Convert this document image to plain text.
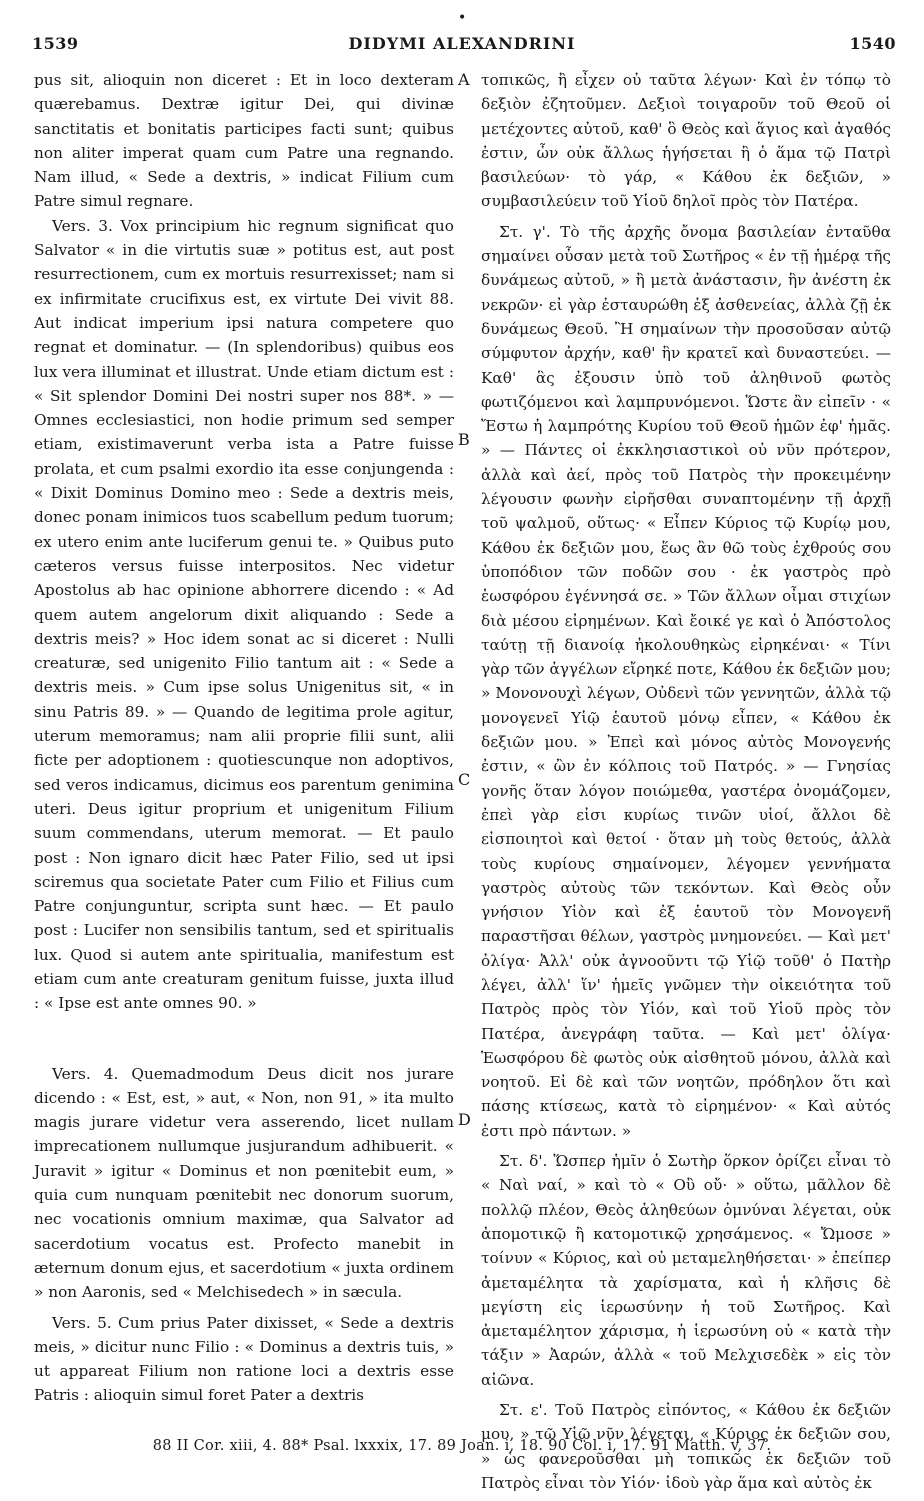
•
1539	DIDYMI ALEXANDRINI	1540

pus sit, alioquin non diceret : Et in loco dexteram quærebamus. Dextræ igitur Dei, qui divinæ sanctitatis et bonitatis participes facti sunt; quibus non aliter imperat quam cum Patre una regnando. Nam illud, « Sede a dextris, » indicat Filium cum Patre simul regnare.

Vers. 3. Vox principium hic regnum significat quo Salvator « in die virtutis suæ » potitus est, aut post resurrectionem, cum ex mortuis resurrexisset; nam si ex infirmitate crucifixus est, ex virtute Dei vivit 88. Aut indicat imperium ipsi natura competere quo regnat et dominatur. — (In splendoribus) quibus eos lux vera illuminat et illustrat. Unde etiam dictum est : « Sit splendor Domini Dei nostri super nos 88*. » — Omnes ecclesiastici, non hodie primum sed semper etiam, existimaverunt verba ista a Patre fuisse prolata, et cum psalmi exordio ita esse conjungenda : « Dixit Dominus Domino meo : Sede a dextris meis, donec ponam inimicos tuos scabellum pedum tuorum; ex utero enim ante luciferum genui te. » Quibus puto cæteros versus fuisse interpositos. Nec videtur Apostolus ab hac opinione abhorrere dicendo : « Ad quem autem angelorum dixit aliquando : Sede a dextris meis? » Hoc idem sonat ac si diceret : Nulli creaturæ, sed unigenito Filio tantum ait : « Sede a dextris meis. » Cum ipse solus Unigenitus sit, « in sinu Patris 89. » — Quando de legitima prole agitur, uterum memoramus; nam alii proprie filii sunt, alii ficte per adoptionem : quotiescunque non adoptivos, sed veros indicamus, dicimus eos parentum genimina uteri. Deus igitur proprium et unigenitum Filium suum commendans, uterum memorat. — Et paulo post : Non ignaro dicit hæc Pater Filio, sed ut ipsi sciremus qua societate Pater cum Filio et Filius cum Patre conjunguntur, scripta sunt hæc. — Et paulo post : Lucifer non sensibilis tantum, sed et spiritualis lux. Quod si autem ante spiritualia, manifestum est etiam cum ante creaturam genitum fuisse, juxta illud : « Ipse est ante omnes 90. »

Vers. 4. Quemadmodum Deus dicit nos jurare dicendo : « Est, est, » aut, « Non, non 91, » ita multo magis jurare videtur vera asserendo, licet nullam imprecationem nullumque jusjurandum adhibuerit. « Juravit » igitur « Dominus et non pœnitebit eum, » quia cum nunquam pœnitebit nec donorum suorum, nec vocationis omnium maximæ, qua Salvator ad sacerdotium vocatus est. Profecto manebit in æternum donum ejus, et sacerdotium « juxta ordinem » non Aaronis, sed « Melchisedech » in sæcula.

Vers. 5. Cum prius Pater dixisset, « Sede a dextris meis, » dicitur nunc Filio : « Dominus a dextris tuis, » ut appareat Filium non ratione loci a dextris esse Patris : alioquin simul foret Pater a dextris

A
B
C
D

τοπικῶς, ἢ εἶχεν οὐ ταῦτα λέγων· Καὶ ἐν τόπῳ τὸ δεξιὸν ἐζητοῦμεν. Δεξιοὶ τοιγαροῦν τοῦ Θεοῦ οἱ μετέχοντες αὐτοῦ, καθ' ὃ Θεὸς καὶ ἅγιος καὶ ἀγαθός ἐστιν, ὧν οὐκ ἄλλως ἡγήσεται ἢ ὁ ἅμα τῷ Πατρὶ βασιλεύων· τὸ γάρ, « Κάθου ἐκ δεξιῶν, » συμβασιλεύειν τοῦ Υἱοῦ δηλοῖ πρὸς τὸν Πατέρα.

Στ. γ'. Τὸ τῆς ἀρχῆς ὄνομα βασιλείαν ἐνταῦθα σημαίνει οὖσαν μετὰ τοῦ Σωτῆρος « ἐν τῇ ἡμέρᾳ τῆς δυνάμεως αὐτοῦ, » ἢ μετὰ ἀνάστασιν, ἣν ἀνέστη ἐκ νεκρῶν· εἰ γὰρ ἐσταυρώθη ἐξ ἀσθενείας, ἀλλὰ ζῇ ἐκ δυνάμεως Θεοῦ. Ἢ σημαίνων τὴν προσοῦσαν αὐτῷ σύμφυτον ἀρχήν, καθ' ἣν κρατεῖ καὶ δυναστεύει. — Καθ' ἃς ἐξουσιν ὑπὸ τοῦ ἀληθινοῦ φωτὸς φωτιζόμενοι καὶ λαμπρυνόμενοι. Ὥστε ἂν εἰπεῖν · « Ἔστω ἡ λαμπρότης Κυρίου τοῦ Θεοῦ ἡμῶν ἐφ' ἡμᾶς. » — Πάντες οἱ ἐκκλησιαστικοὶ οὐ νῦν πρότερον, ἀλλὰ καὶ ἀεί, πρὸς τοῦ Πατρὸς τὴν προκειμένην λέγουσιν φωνὴν εἰρῆσθαι συναπτομένην τῇ ἀρχῇ τοῦ ψαλμοῦ, οὕτως· « Εἶπεν Κύριος τῷ Κυρίῳ μου, Κάθου ἐκ δεξιῶν μου, ἕως ἂν θῶ τοὺς ἐχθρούς σου ὑποπόδιον τῶν ποδῶν σου · ἐκ γαστρὸς πρὸ ἑωσφόρου ἐγέννησά σε. » Τῶν ἄλλων οἶμαι στιχίων διὰ μέσου εἰρημένων. Καὶ ἔοικέ γε καὶ ὁ Ἀπόστολος ταύτῃ τῇ διανοίᾳ ἠκολουθηκὼς εἰρηκέναι· « Τίνι γὰρ τῶν ἀγγέλων εἴρηκέ ποτε, Κάθου ἐκ δεξιῶν μου; » Μονονουχὶ λέγων, Οὐδενὶ τῶν γεννητῶν, ἀλλὰ τῷ μονογενεῖ Υἱῷ ἑαυτοῦ μόνῳ εἶπεν, « Κάθου ἐκ δεξιῶν μου. » Ἐπεὶ καὶ μόνος αὐτὸς Μονογενής ἐστιν, « ὢν ἐν κόλποις τοῦ Πατρός. » — Γνησίας γονῆς ὅταν λόγον ποιώμεθα, γαστέρα ὀνομάζομεν, ἐπεὶ γὰρ εἰσι κυρίως τινῶν υἱοί, ἄλλοι δὲ εἰσποιητοὶ καὶ θετοί · ὅταν μὴ τοὺς θετούς, ἀλλὰ τοὺς κυρίους σημαίνομεν, λέγομεν γεννήματα γαστρὸς αὐτοὺς τῶν τεκόντων. Καὶ Θεὸς οὖν γνήσιον Υἱὸν καὶ ἐξ ἑαυτοῦ τὸν Μονογενῆ παραστῆσαι θέλων, γαστρὸς μνημονεύει. — Καὶ μετ' ὀλίγα· Ἀλλ' οὐκ ἀγνοοῦντι τῷ Υἱῷ τοῦθ' ὁ Πατὴρ λέγει, ἀλλ' ἵν' ἡμεῖς γνῶμεν τὴν οἰκειότητα τοῦ Πατρὸς πρὸς τὸν Υἱόν, καὶ τοῦ Υἱοῦ πρὸς τὸν Πατέρα, ἀνεγράφη ταῦτα. — Καὶ μετ' ὀλίγα· Ἑωσφόρου δὲ φωτὸς οὐκ αἰσθητοῦ μόνου, ἀλλὰ καὶ νοητοῦ. Εἰ δὲ καὶ τῶν νοητῶν, πρόδηλον ὅτι καὶ πάσης κτίσεως, κατὰ τὸ εἰρημένον· « Καὶ αὐτός ἐστι πρὸ πάντων. »

Στ. δ'. Ὥσπερ ἡμῖν ὁ Σωτὴρ ὅρκον ὁρίζει εἶναι τὸ « Ναὶ ναί, » καὶ τὸ « Οὒ οὔ· » οὕτω, μᾶλλον δὲ πολλῷ πλέον, Θεὸς ἀληθεύων ὀμνύναι λέγεται, οὐκ ἀπομοτικῷ ἢ κατομοτικῷ χρησάμενος. « Ὤμοσε » τοίνυν « Κύριος, καὶ οὐ μεταμεληθήσεται· » ἐπείπερ ἀμεταμέλητα τὰ χαρίσματα, καὶ ἡ κλῆσις δὲ μεγίστη εἰς ἱερωσύνην ἡ τοῦ Σωτῆρος. Καὶ ἀμεταμέλητον χάρισμα, ἡ ἱερωσύνη οὐ « κατὰ τὴν τάξιν » Ἀαρών, ἀλλὰ « τοῦ Μελχισεδὲκ » εἰς τὸν αἰῶνα.

Στ. ε'. Τοῦ Πατρὸς εἰπόντος, « Κάθου ἐκ δεξιῶν μου, » τῷ Υἱῷ νῦν λέγεται, « Κύριος ἐκ δεξιῶν σου, » ὡς φανεροῦσθαι μὴ τοπικῶς ἐκ δεξιῶν τοῦ Πατρὸς εἶναι τὸν Υἱόν· ἰδοὺ γὰρ ἅμα καὶ αὐτὸς ἐκ

88 II Cor. xiii, 4. 88* Psal. lxxxix, 17. 89 Joan. i, 18. 90 Col. i, 17. 91 Matth. v, 37.
